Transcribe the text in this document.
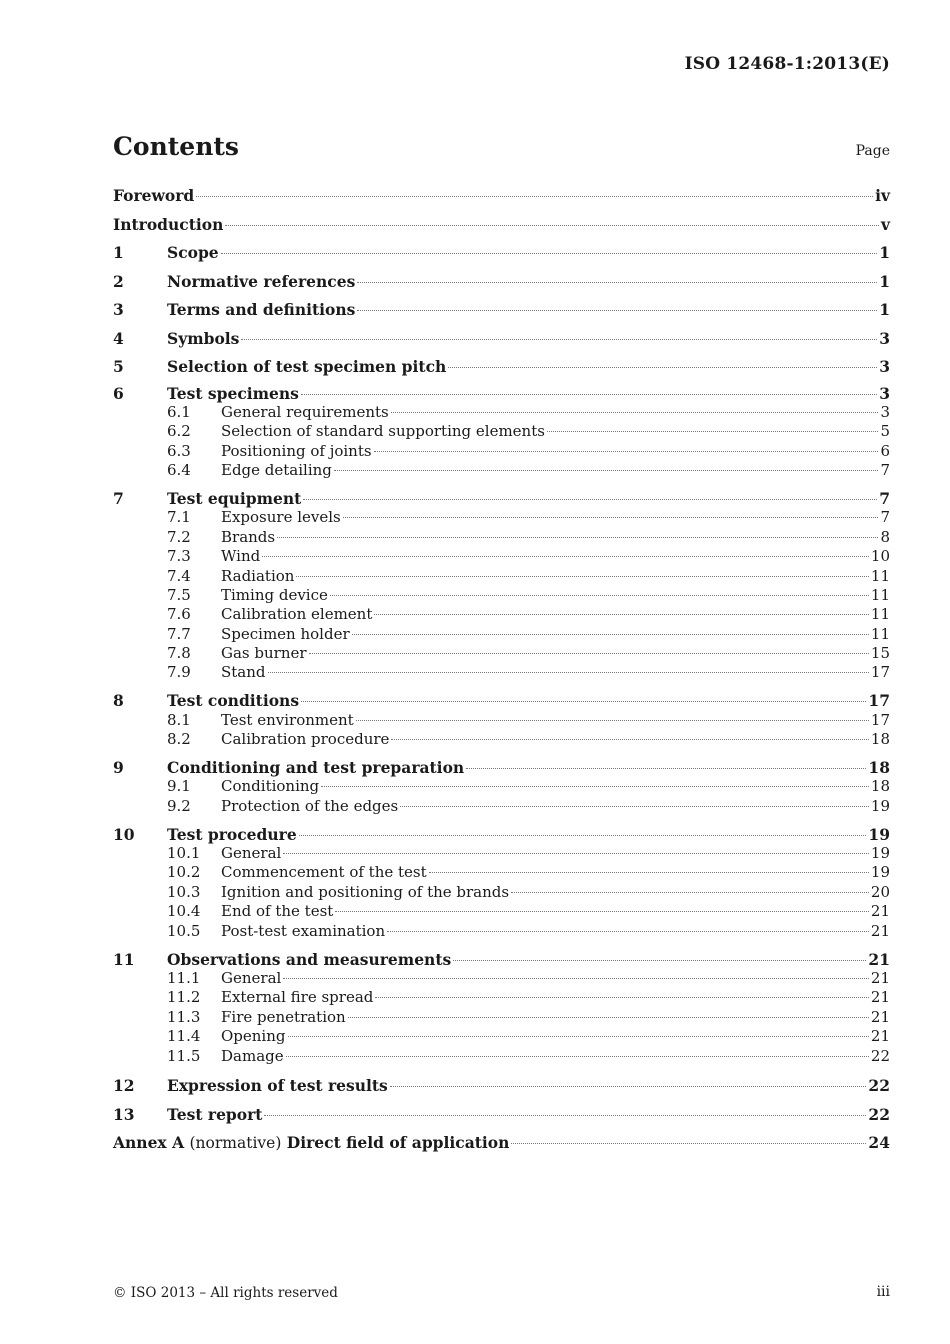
ISO 12468-1:2013(E)
Contents	Page
Foreword	iv
Introduction	v
1	Scope	1
2	Normative references	1
3	Terms and definitions	1
4	Symbols	3
5	Selection of test specimen pitch	3
6	Test specimens	3
6.1	General requirements	3
6.2	Selection of standard supporting elements	5
6.3	Positioning of joints	6
6.4	Edge detailing	7
7	Test equipment	7
7.1	Exposure levels	7
7.2	Brands	8
7.3	Wind	10
7.4	Radiation	11
7.5	Timing device	11
7.6	Calibration element	11
7.7	Specimen holder	11
7.8	Gas burner	15
7.9	Stand	17
8	Test conditions	17
8.1	Test environment	17
8.2	Calibration procedure	18
9	Conditioning and test preparation	18
9.1	Conditioning	18
9.2	Protection of the edges	19
10	Test procedure	19
10.1	General	19
10.2	Commencement of the test	19
10.3	Ignition and positioning of the brands	20
10.4	End of the test	21
10.5	Post-test examination	21
11	Observations and measurements	21
11.1	General	21
11.2	External fire spread	21
11.3	Fire penetration	21
11.4	Opening	21
11.5	Damage	22
12	Expression of test results	22
13	Test report	22
Annex A (normative) Direct field of application	24
© ISO 2013 – All rights reserved	iii
